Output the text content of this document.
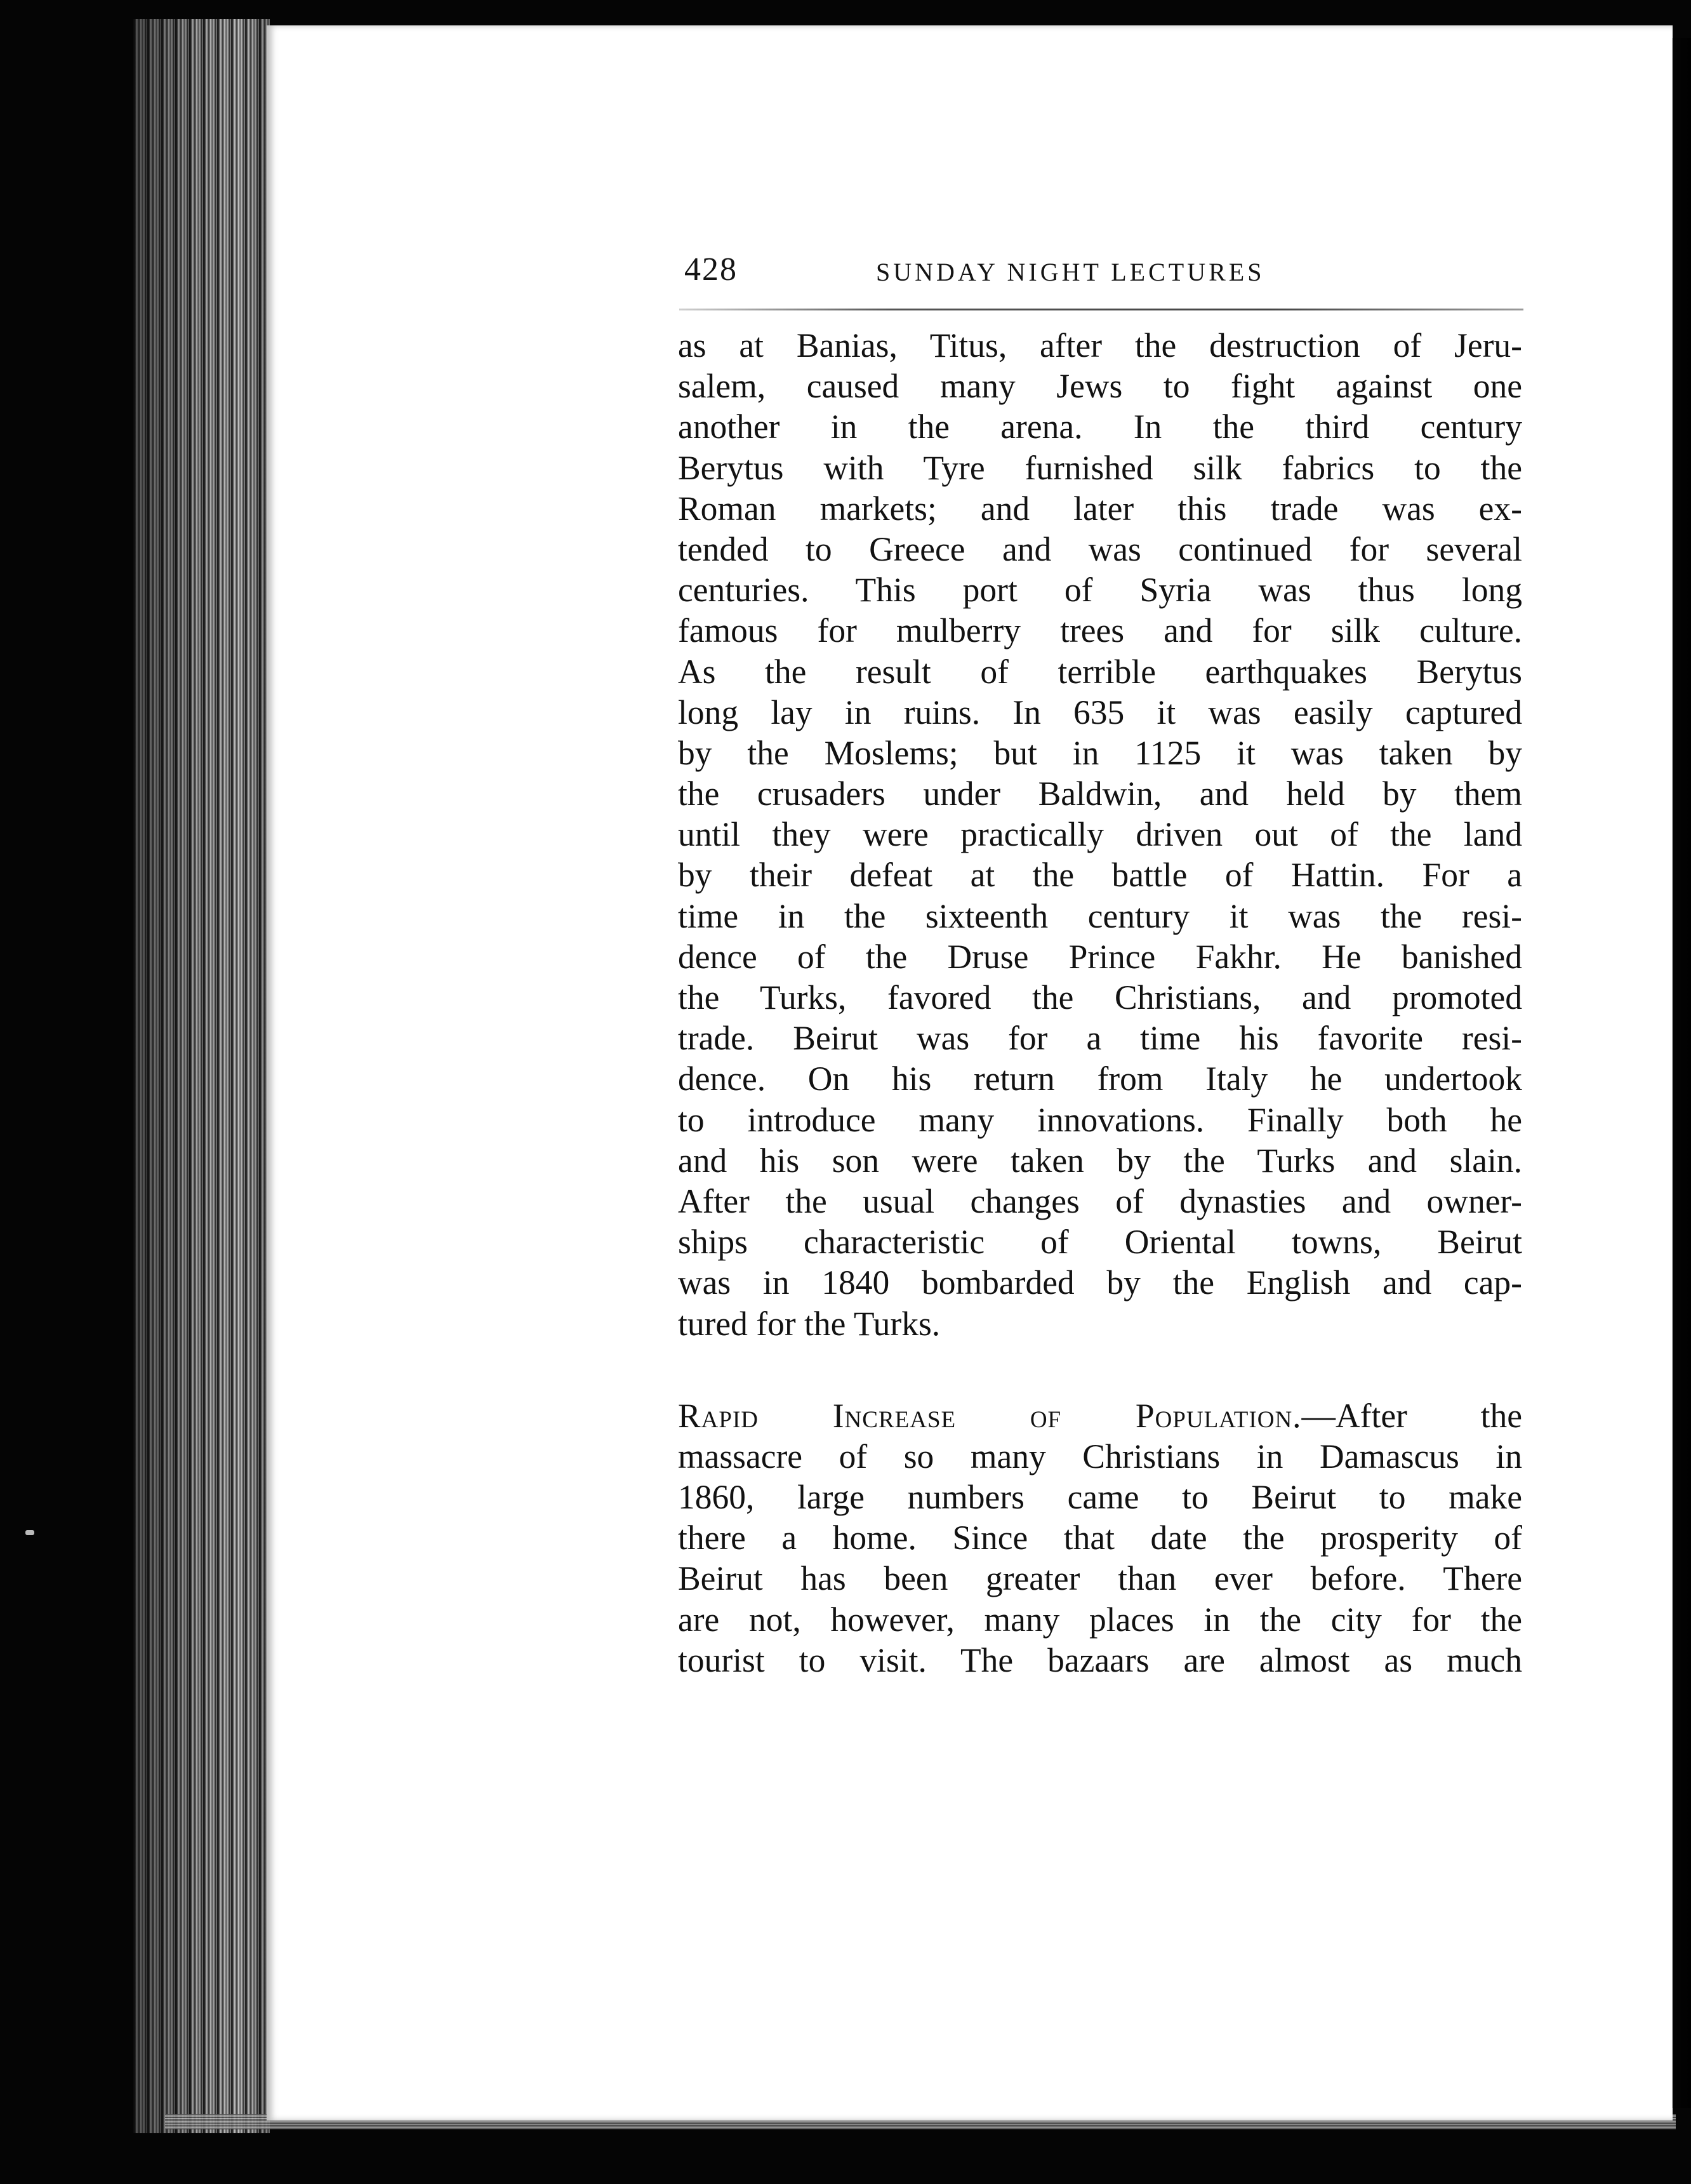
428	SUNDAY NIGHT LECTURES
as at Banias, Titus, after the destruction of Jeru-
salem, caused many Jews to fight against one
another in the arena. In the third century
Berytus with Tyre furnished silk fabrics to the
Roman markets; and later this trade was ex-
tended to Greece and was continued for several
centuries. This port of Syria was thus long
famous for mulberry trees and for silk culture.
As the result of terrible earthquakes Berytus
long lay in ruins. In 635 it was easily captured
by the Moslems; but in 1125 it was taken by
the crusaders under Baldwin, and held by them
until they were practically driven out of the land
by their defeat at the battle of Hattin. For a
time in the sixteenth century it was the resi-
dence of the Druse Prince Fakhr. He banished
the Turks, favored the Christians, and promoted
trade. Beirut was for a time his favorite resi-
dence. On his return from Italy he undertook
to introduce many innovations. Finally both he
and his son were taken by the Turks and slain.
After the usual changes of dynasties and owner-
ships characteristic of Oriental towns, Beirut
was in 1840 bombarded by the English and cap-
tured for the Turks.
Rapid Increase of Population.—After the
massacre of so many Christians in Damascus in
1860, large numbers came to Beirut to make
there a home. Since that date the prosperity of
Beirut has been greater than ever before. There
are not, however, many places in the city for the
tourist to visit. The bazaars are almost as much
